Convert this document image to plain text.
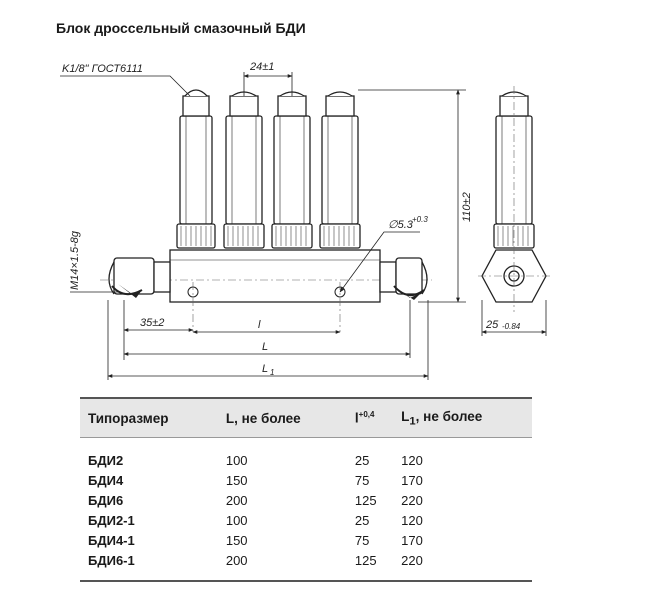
Блок дроссельный смазочный БДИ
K1/8" ГОСТ6111	24±1
110±2
∅5.3 +0.3
M14×1.5-8g
35±2	l
L
L 1
25 -0.84
Типоразмер	L, не более	$l^{+0,4}$	$L_1$, не более
БДИ2	100	25	120
БДИ4	150	75	170
БДИ6	200	125	220
БДИ2-1	100	25	120
БДИ4-1	150	75	170
БДИ6-1	200	125	220
